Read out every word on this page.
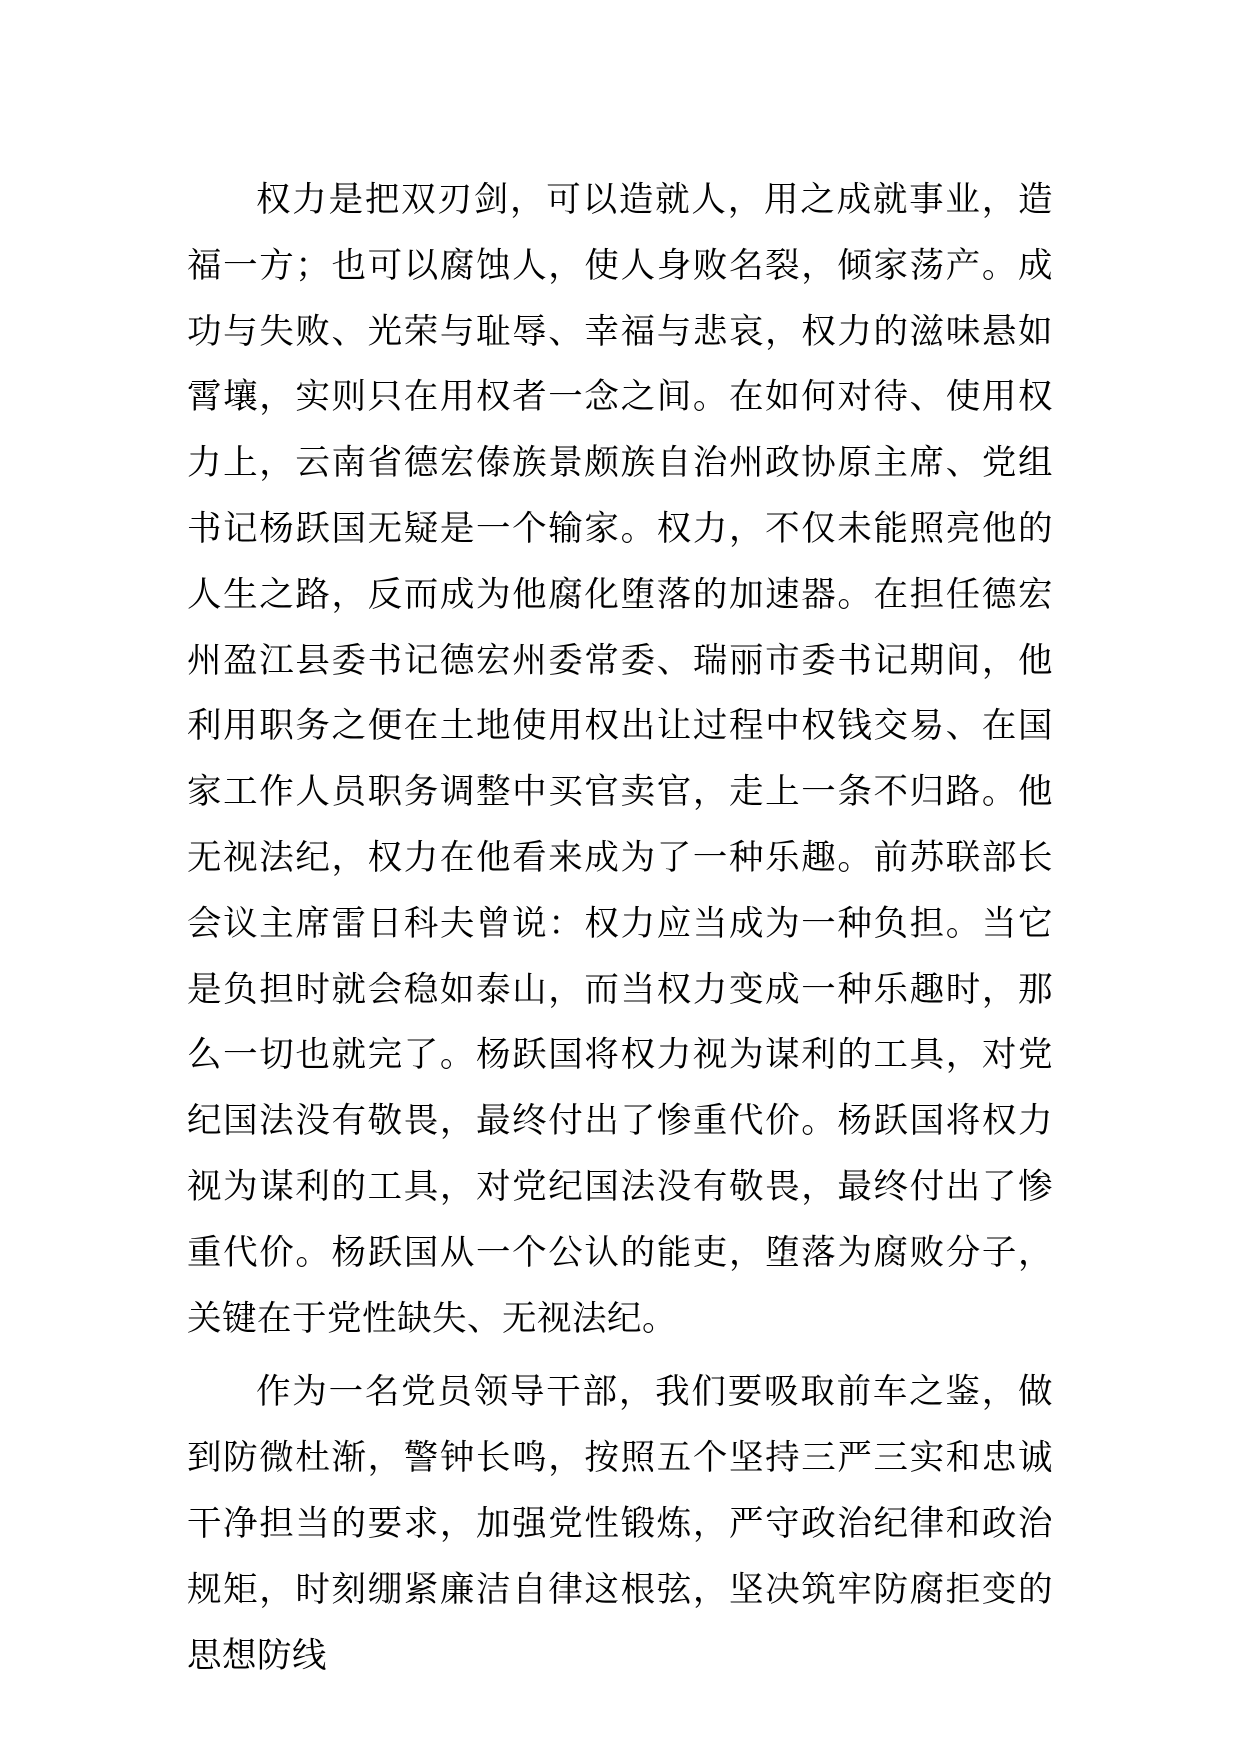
权力是把双刃剑，可以造就人，用之成就事业，造福一方；也可以腐蚀人，使人身败名裂，倾家荡产。成功与失败、光荣与耻辱、幸福与悲哀，权力的滋味悬如霄壤，实则只在用权者一念之间。在如何对待、使用权力上，云南省德宏傣族景颇族自治州政协原主席、党组书记杨跃国无疑是一个输家。权力，不仅未能照亮他的人生之路，反而成为他腐化堕落的加速器。在担任德宏州盈江县委书记德宏州委常委、瑞丽市委书记期间，他利用职务之便在土地使用权出让过程中权钱交易、在国家工作人员职务调整中买官卖官，走上一条不归路。他无视法纪，权力在他看来成为了一种乐趣。前苏联部长会议主席雷日科夫曾说：权力应当成为一种负担。当它是负担时就会稳如泰山，而当权力变成一种乐趣时，那么一切也就完了。杨跃国将权力视为谋利的工具，对党纪国法没有敬畏，最终付出了惨重代价。杨跃国将权力视为谋利的工具，对党纪国法没有敬畏，最终付出了惨重代价。杨跃国从一个公认的能吏，堕落为腐败分子，关键在于党性缺失、无视法纪。

作为一名党员领导干部，我们要吸取前车之鉴，做到防微杜渐，警钟长鸣，按照五个坚持三严三实和忠诚干净担当的要求，加强党性锻炼，严守政治纪律和政治规矩，时刻绷紧廉洁自律这根弦，坚决筑牢防腐拒变的思想防线
